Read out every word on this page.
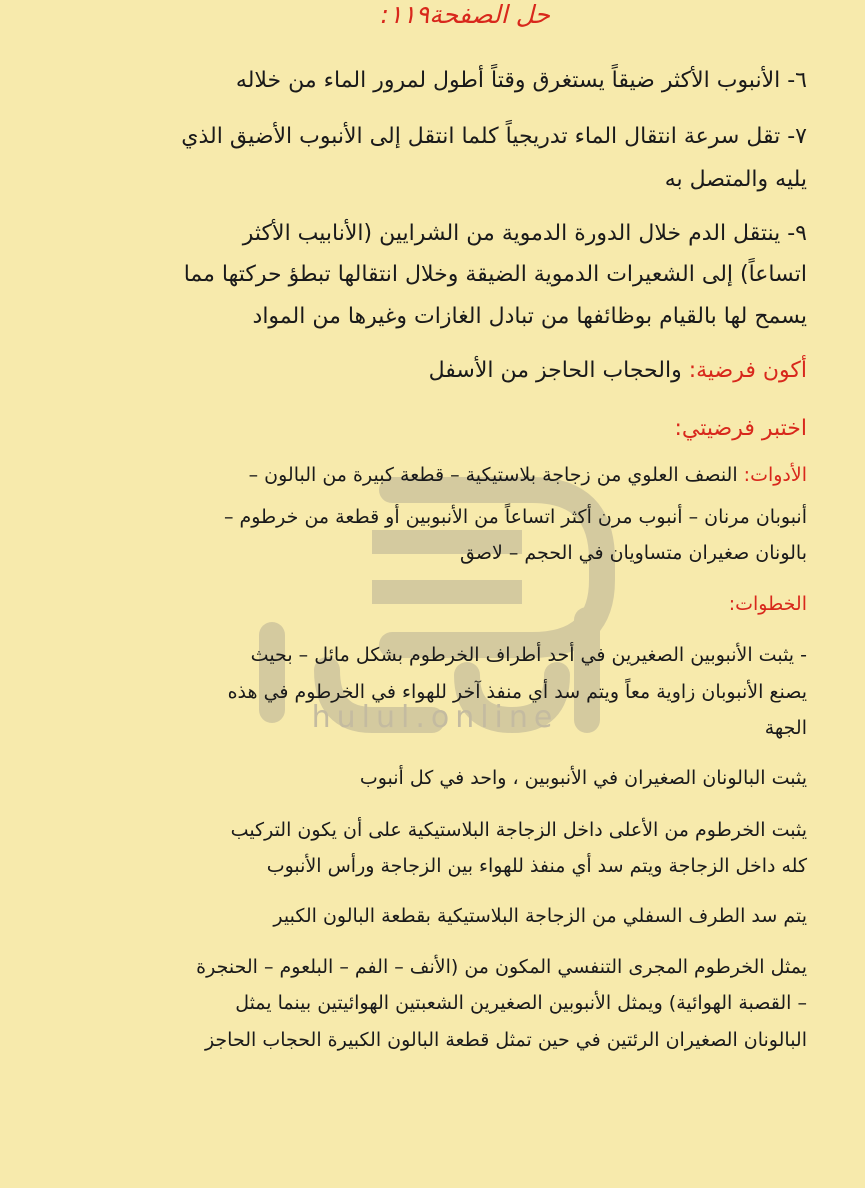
hulul.online

حل الصفحة١١٩:

٦- الأنبوب الأكثر ضيقاً يستغرق وقتاً أطول لمرور الماء من خلاله

٧- تقل سرعة انتقال الماء تدريجياً كلما انتقل إلى الأنبوب الأضيق الذي

يليه والمتصل به

٩- ينتقل الدم خلال الدورة الدموية من الشرايين (الأنابيب الأكثر

اتساعاً) إلى الشعيرات الدموية الضيقة وخلال انتقالها تبطؤ حركتها مما

يسمح لها بالقيام بوظائفها من تبادل الغازات وغيرها من المواد

أكون فرضية: والحجاب الحاجز من الأسفل

اختبر فرضيتي:

الأدوات: النصف العلوي من زجاجة بلاستيكية – قطعة كبيرة من البالون –

أنبوبان مرنان – أنبوب مرن أكثر اتساعاً من الأنبوبين أو قطعة من خرطوم –

بالونان صغيران متساويان في الحجم – لاصق

الخطوات:

- يثبت الأنبوبين الصغيرين في أحد أطراف الخرطوم بشكل مائل – بحيث

يصنع الأنبوبان زاوية معاً ويتم سد أي منفذ آخر للهواء في الخرطوم في هذه

الجهة

يثبت البالونان الصغيران في الأنبوبين ، واحد في كل أنبوب

يثبت الخرطوم من الأعلى داخل الزجاجة البلاستيكية على أن يكون التركيب

كله داخل الزجاجة ويتم سد أي منفذ للهواء بين الزجاجة ورأس الأنبوب

يتم سد الطرف السفلي من الزجاجة البلاستيكية بقطعة البالون الكبير

يمثل الخرطوم المجرى التنفسي المكون من (الأنف – الفم – البلعوم – الحنجرة

– القصبة الهوائية) ويمثل الأنبوبين الصغيرين الشعبتين الهوائيتين بينما يمثل

البالونان الصغيران الرئتين في حين تمثل قطعة البالون الكبيرة الحجاب الحاجز
